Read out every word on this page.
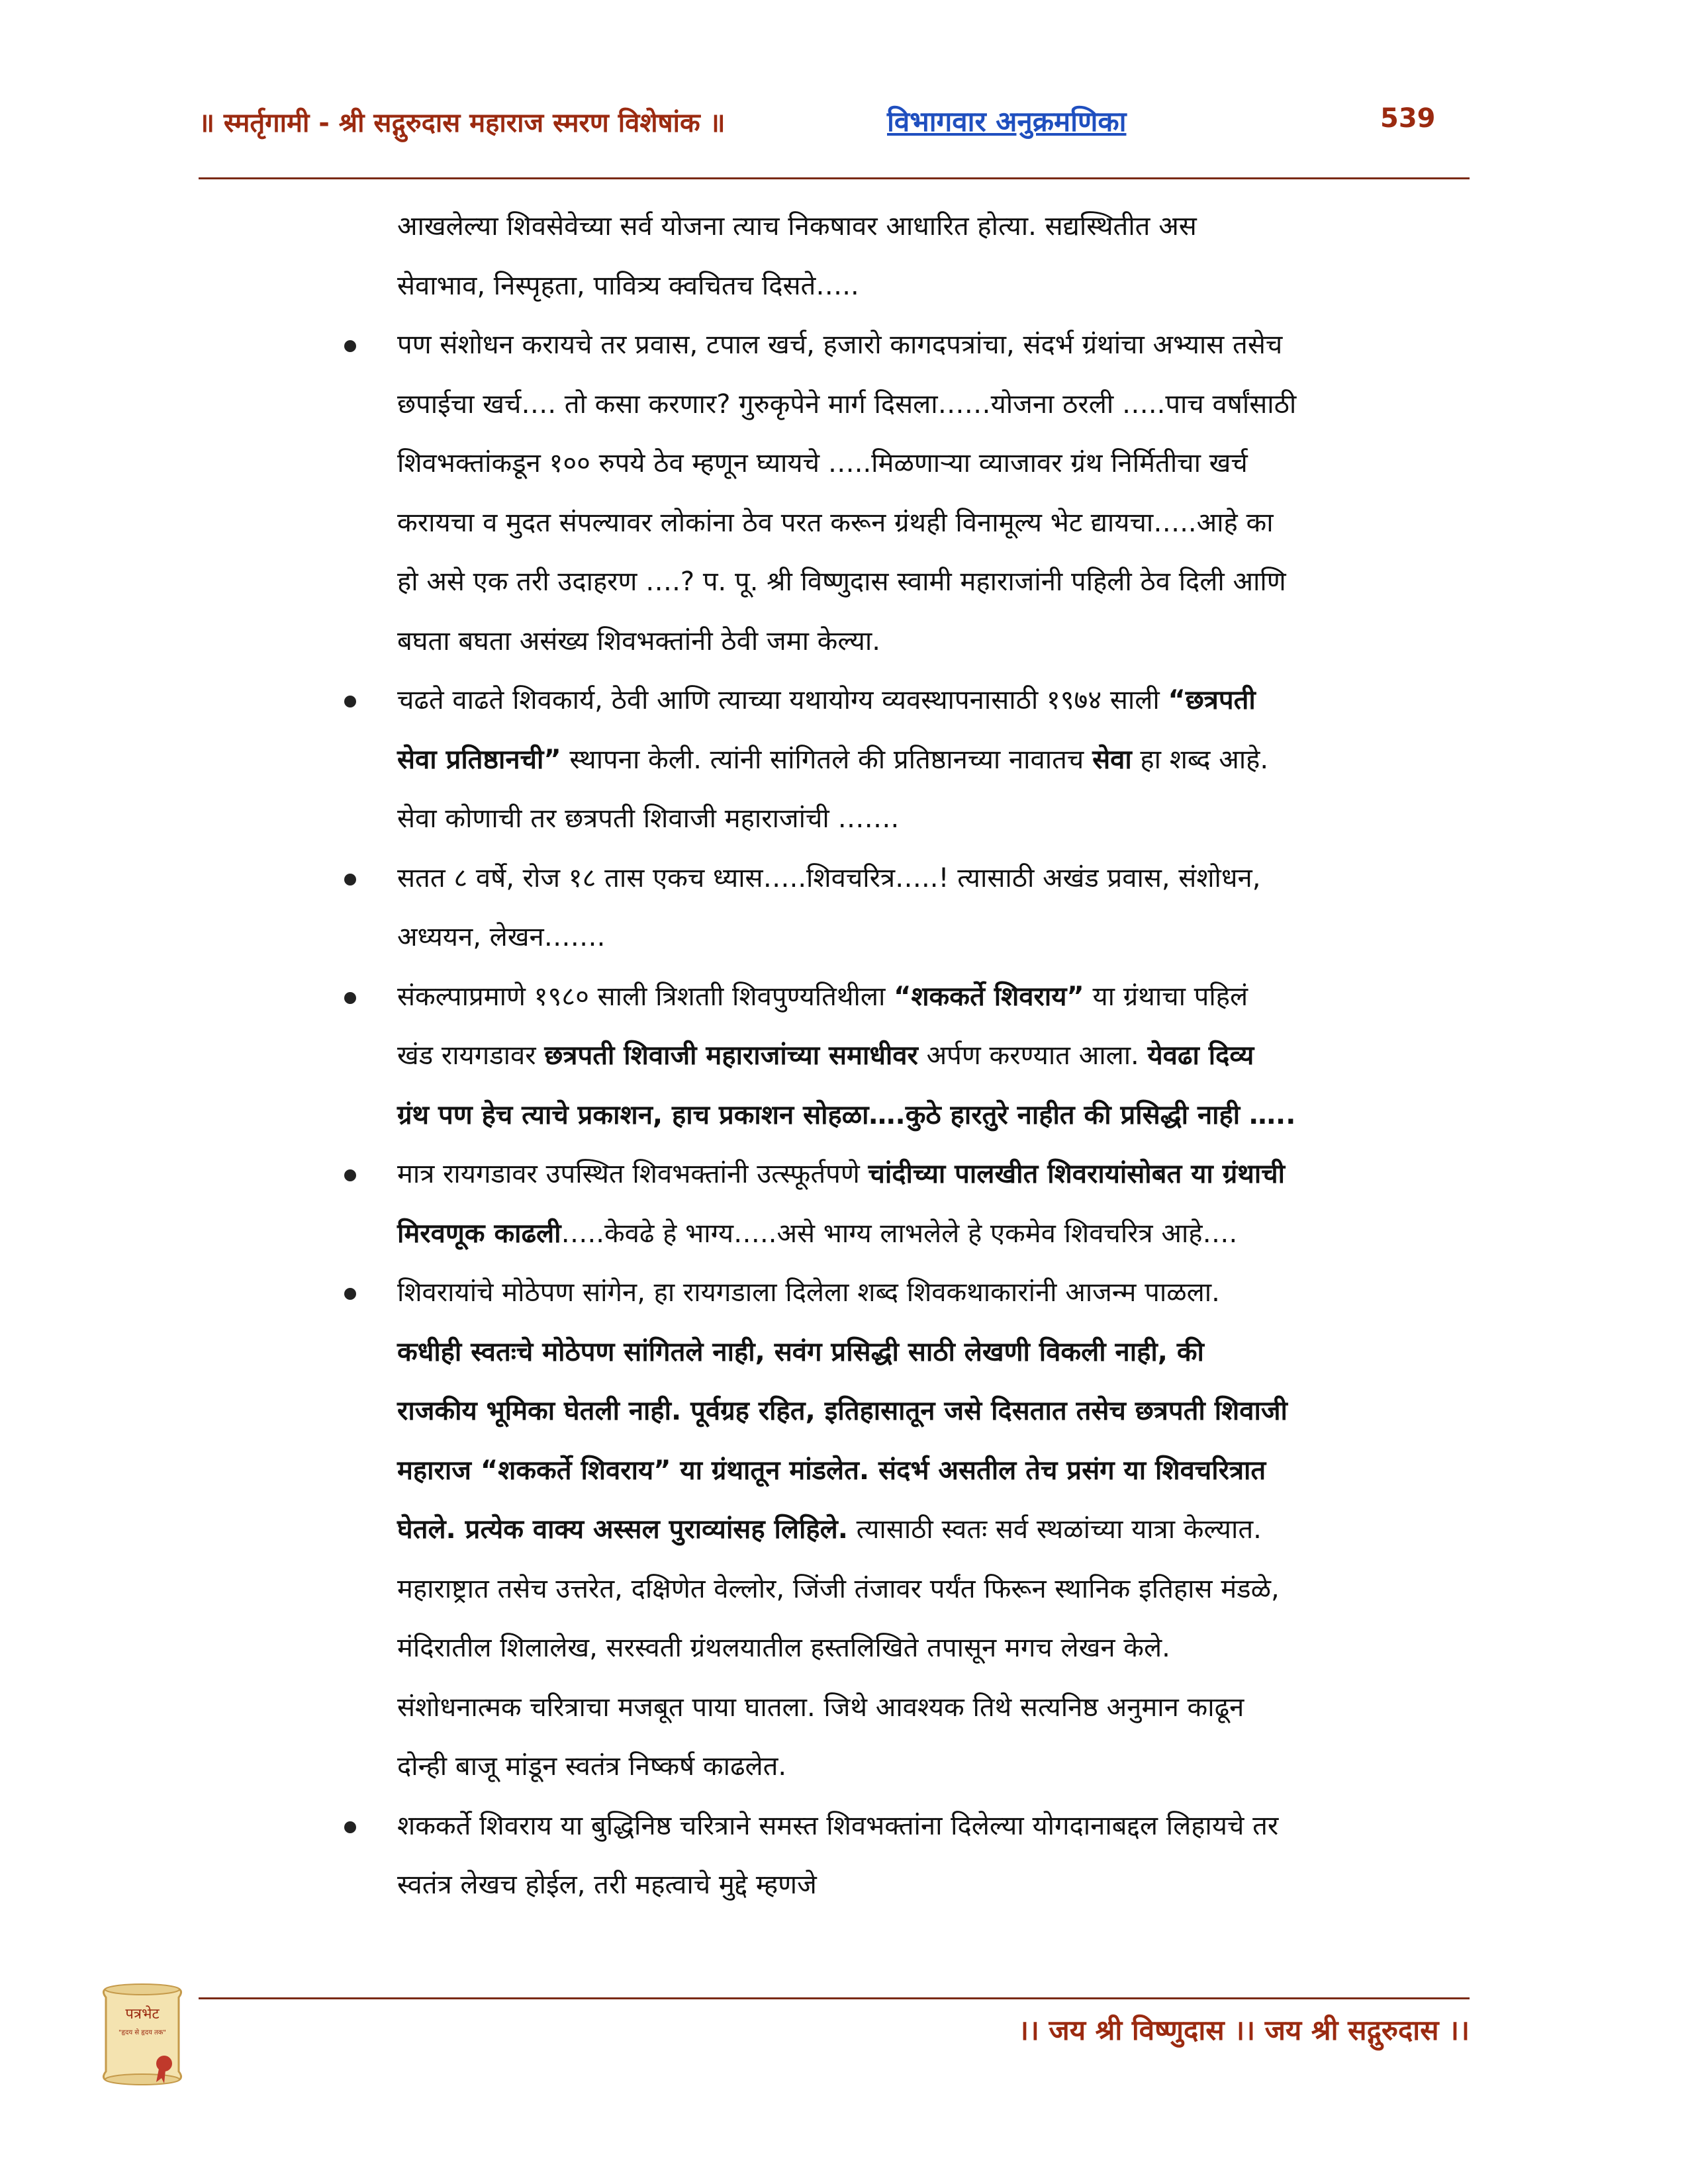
॥ स्मर्तृगामी - श्री सद्गुरुदास महाराज स्मरण विशेषांक ॥	विभागवार अनुक्रमणिका	539

आखलेल्या शिवसेवेच्या सर्व योजना त्याच निकषावर आधारित होत्या. सद्यस्थितीत अस
सेवाभाव, निस्पृहता, पावित्र्य क्वचितच दिसते…..

पण संशोधन करायचे तर प्रवास, टपाल खर्च, हजारो कागदपत्रांचा, संदर्भ ग्रंथांचा अभ्यास तसेच
छपाईचा खर्च…. तो कसा करणार? गुरुकृपेने मार्ग दिसला……योजना ठरली …..पाच वर्षांसाठी
शिवभक्तांकडून १०० रुपये ठेव म्हणून घ्यायचे …..मिळणाऱ्या व्याजावर ग्रंथ निर्मितीचा खर्च
करायचा व मुदत संपल्यावर लोकांना ठेव परत करून ग्रंथही विनामूल्य भेट द्यायचा…..आहे का
हो असे एक तरी उदाहरण ….? प. पू. श्री विष्णुदास स्वामी महाराजांनी पहिली ठेव दिली आणि
बघता बघता असंख्य शिवभक्तांनी ठेवी जमा केल्या.
चढते वाढते शिवकार्य, ठेवी आणि त्याच्या यथायोग्य व्यवस्थापनासाठी १९७४ साली “छत्रपती
सेवा प्रतिष्ठानची” स्थापना केली. त्यांनी सांगितले की प्रतिष्ठानच्या नावातच सेवा हा शब्द आहे.
सेवा कोणाची तर छत्रपती शिवाजी महाराजांची …….
सतत ८ वर्षे, रोज १८ तास एकच ध्यास…..शिवचरित्र…..! त्यासाठी अखंड प्रवास, संशोधन,
अध्ययन, लेखन…….
संकल्पाप्रमाणे १९८० साली त्रिशताी शिवपुण्यतिथीला “शककर्ते शिवराय” या ग्रंथाचा पहिलं
खंड रायगडावर छत्रपती शिवाजी महाराजांच्या समाधीवर अर्पण करण्यात आला. येवढा दिव्य
ग्रंथ पण हेच त्याचे प्रकाशन, हाच प्रकाशन सोहळा….कुठे हारतुरे नाहीत की प्रसिद्धी नाही …..
मात्र रायगडावर उपस्थित शिवभक्तांनी उत्स्फूर्तपणे चांदीच्या पालखीत शिवरायांसोबत या ग्रंथाची
मिरवणूक काढली…..केवढे हे भाग्य…..असे भाग्य लाभलेले हे एकमेव शिवचरित्र आहे….
शिवरायांचे मोठेपण सांगेन, हा रायगडाला दिलेला शब्द शिवकथाकारांनी आजन्म पाळला.
कधीही स्वतःचे मोठेपण सांगितले नाही, सवंग प्रसिद्धी साठी लेखणी विकली नाही, की
राजकीय भूमिका घेतली नाही. पूर्वग्रह रहित, इतिहासातून जसे दिसतात तसेच छत्रपती शिवाजी
महाराज “शककर्ते शिवराय” या ग्रंथातून मांडलेत. संदर्भ असतील तेच प्रसंग या शिवचरित्रात
घेतले. प्रत्येक वाक्य अस्सल पुराव्यांसह लिहिले. त्यासाठी स्वतः सर्व स्थळांच्या यात्रा केल्यात.
महाराष्ट्रात तसेच उत्तरेत, दक्षिणेत वेल्लोर, जिंजी तंजावर पर्यंत फिरून स्थानिक इतिहास मंडळे,
मंदिरातील शिलालेख, सरस्वती ग्रंथलयातील हस्तलिखिते तपासून मगच लेखन केले.
संशोधनात्मक चरित्राचा मजबूत पाया घातला. जिथे आवश्यक तिथे सत्यनिष्ठ अनुमान काढून
दोन्ही बाजू मांडून स्वतंत्र निष्कर्ष काढलेत.
शककर्ते शिवराय या बुद्धिनिष्ठ चरित्राने समस्त शिवभक्तांना दिलेल्या योगदानाबद्दल लिहायचे तर
स्वतंत्र लेखच होईल, तरी महत्वाचे मुद्दे म्हणजे
पत्रभेट
"हृदय से हृदय तक"	।। जय श्री विष्णुदास ।। जय श्री सद्गुरुदास ।।
